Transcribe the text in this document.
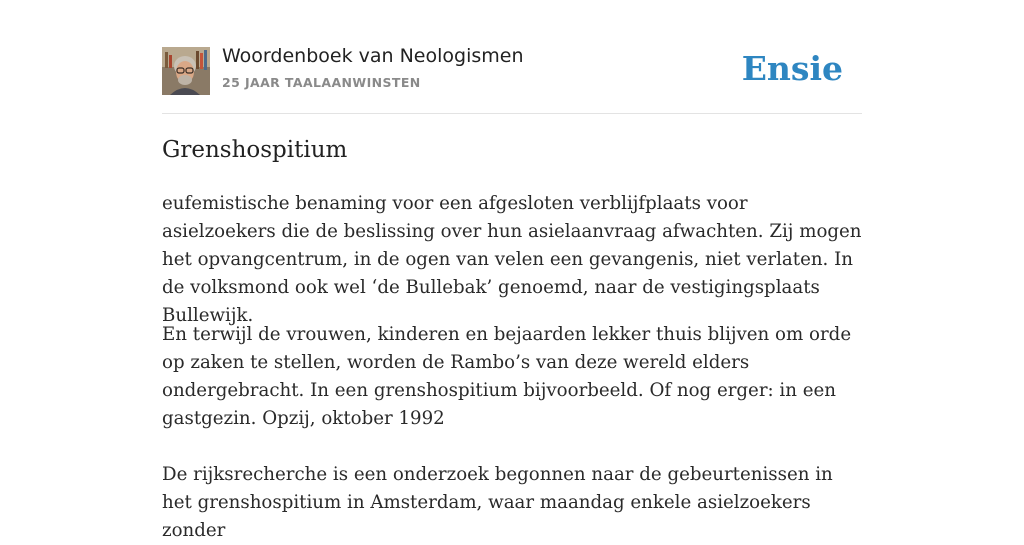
Woordenboek van Neologismen
25 JAAR TAALAANWINSTEN	Ensie
Grenshospitium

eufemistische benaming voor een afgesloten verblijfplaats voor asielzoekers die de beslissing over hun asielaanvraag afwachten. Zij mogen het opvangcentrum, in de ogen van velen een gevangenis, niet verlaten. In de volksmond ook wel ‘de Bullebak’ genoemd, naar de vestigingsplaats Bullewijk.

En terwijl de vrouwen, kinderen en bejaarden lekker thuis blijven om orde op zaken te stellen, worden de Rambo’s van deze wereld elders ondergebracht. In een grenshospitium bijvoorbeeld. Of nog erger: in een gastgezin. Opzij, oktober 1992

De rijksrecherche is een onderzoek begonnen naar de gebeurtenissen in het grenshospitium in Amsterdam, waar maandag enkele asielzoekers zonder
